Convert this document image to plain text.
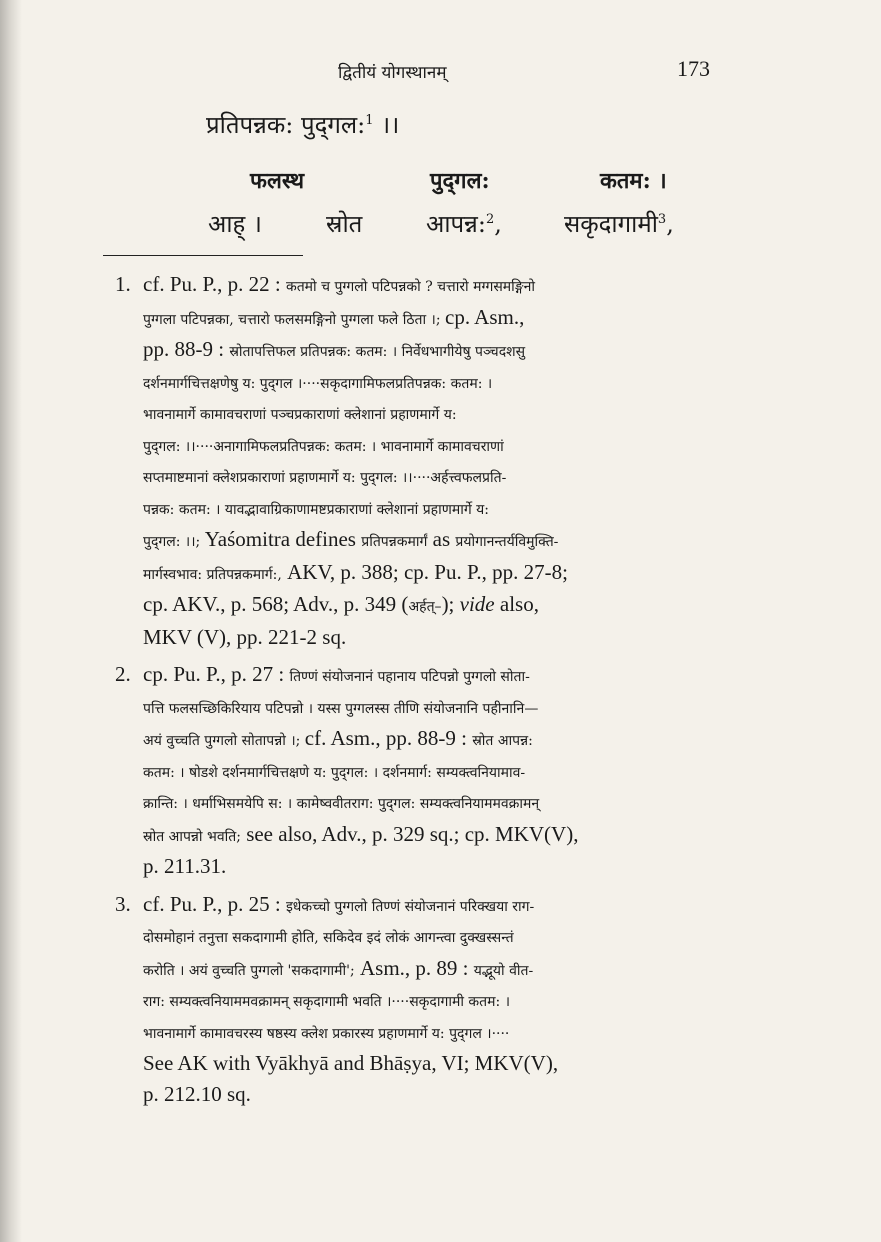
द्वितीयं योगस्थानम्	173
प्रतिपन्नक: पुद्‌गल:$^1$ ।।
फलस्थ	पुद्‌गल:	कतम: ।
आह् ।	स्रोत	आपन्न:$^2$,	सकृदागामी$^3$,
1. cf. Pu. P., p. 22 : कतमो च पुग्गलो पटिपन्नको ? चत्तारो मग्गसमङ्गिनो
पुग्गला पटिपन्नका, चत्तारो फलसमङ्गिनो पुग्गला फले ठिता ।; cp. Asm.,
pp. 88-9 : स्रोतापत्तिफल प्रतिपन्नक: कतम: । निर्वेधभागीयेषु पञ्चदशसु
दर्शनमार्गचित्तक्षणेषु य: पुद्‌गल ।····सकृदागामिफलप्रतिपन्नक: कतम: ।
भावनामार्गे कामावचराणां पञ्चप्रकाराणां क्लेशानां प्रहाणमार्गे य:
पुद्‌गल: ।।····अनागामिफलप्रतिपन्नक: कतम: । भावनामार्गे कामावचराणां
सप्तमाष्टमानां क्लेशप्रकाराणां प्रहाणमार्गे य: पुद्‌गल: ।।····अर्हत्त्वफलप्रति-
पन्नक: कतम: । यावद्भावाग्रिकाणामष्टप्रकाराणां क्लेशानां प्रहाणमार्गे य:
पुद्‌गल: ।।; Yaśomitra defines प्रतिपन्नकमार्गं as प्रयोगानन्तर्यविमुक्ति-
मार्गस्वभाव: प्रतिपन्नकमार्ग:, AKV, p. 388; cp. Pu. P., pp. 27-8;
cp. AKV., p. 568; Adv., p. 349 (अर्हत्–); vide also,
MKV (V), pp. 221-2 sq.
2. cp. Pu. P., p. 27 : तिण्णं संयोजनानं पहानाय पटिपन्नो पुग्गलो सोता-
पत्ति फलसच्छिकिरियाय पटिपन्नो । यस्स पुग्गलस्स तीणि संयोजनानि पहीनानि—
अयं वुच्चति पुग्गलो सोतापन्नो ।; cf. Asm., pp. 88-9 : स्रोत आपन्न:
कतम: । षोडशे दर्शनमार्गचित्तक्षणे य: पुद्‌गल: । दर्शनमार्ग: सम्यक्त्वनियामाव-
क्रान्ति: । धर्माभिसमयेपि स: । कामेष्ववीतराग: पुद्‌गल: सम्यक्त्वनियाममवक्रामन्
स्रोत आपन्नो भवति; see also, Adv., p. 329 sq.; cp. MKV(V),
p. 211.31.
3. cf. Pu. P., p. 25 : इधेकच्चो पुग्गलो तिण्णं संयोजनानं परिक्खया राग-
दोसमोहानं तनुत्ता सकदागामी होति, सकिदेव इदं लोकं आगन्त्वा दुक्खस्सन्तं
करोति । अयं वुच्चति पुग्गलो 'सकदागामी'; Asm., p. 89 : यद्भूयो वीत-
राग: सम्यक्त्वनियाममवक्रामन् सकृदागामी भवति ।····सकृदागामी कतम: ।
भावनामार्गे कामावचरस्य षष्ठस्य क्लेश प्रकारस्य प्रहाणमार्गे य: पुद्‌गल ।····
See AK with Vyākhyā and Bhāṣya, VI; MKV(V),
p. 212.10 sq.
